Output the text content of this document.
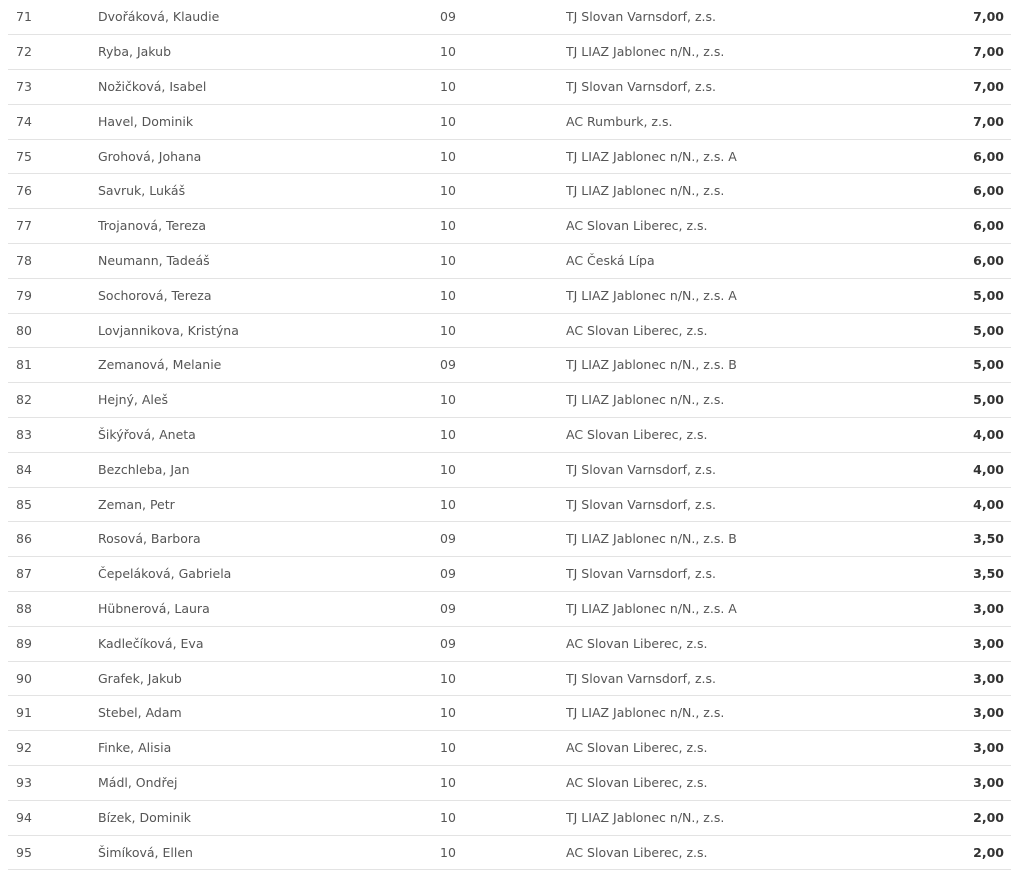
71	Dvořáková, Klaudie	09	TJ Slovan Varnsdorf, z.s.	7,00
72	Ryba, Jakub	10	TJ LIAZ Jablonec n/N., z.s.	7,00
73	Nožičková, Isabel	10	TJ Slovan Varnsdorf, z.s.	7,00
74	Havel, Dominik	10	AC Rumburk, z.s.	7,00
75	Grohová, Johana	10	TJ LIAZ Jablonec n/N., z.s. A	6,00
76	Savruk, Lukáš	10	TJ LIAZ Jablonec n/N., z.s.	6,00
77	Trojanová, Tereza	10	AC Slovan Liberec, z.s.	6,00
78	Neumann, Tadeáš	10	AC Česká Lípa	6,00
79	Sochorová, Tereza	10	TJ LIAZ Jablonec n/N., z.s. A	5,00
80	Lovjannikova, Kristýna	10	AC Slovan Liberec, z.s.	5,00
81	Zemanová, Melanie	09	TJ LIAZ Jablonec n/N., z.s. B	5,00
82	Hejný, Aleš	10	TJ LIAZ Jablonec n/N., z.s.	5,00
83	Šikýřová, Aneta	10	AC Slovan Liberec, z.s.	4,00
84	Bezchleba, Jan	10	TJ Slovan Varnsdorf, z.s.	4,00
85	Zeman, Petr	10	TJ Slovan Varnsdorf, z.s.	4,00
86	Rosová, Barbora	09	TJ LIAZ Jablonec n/N., z.s. B	3,50
87	Čepeláková, Gabriela	09	TJ Slovan Varnsdorf, z.s.	3,50
88	Hübnerová, Laura	09	TJ LIAZ Jablonec n/N., z.s. A	3,00
89	Kadlečíková, Eva	09	AC Slovan Liberec, z.s.	3,00
90	Grafek, Jakub	10	TJ Slovan Varnsdorf, z.s.	3,00
91	Stebel, Adam	10	TJ LIAZ Jablonec n/N., z.s.	3,00
92	Finke, Alisia	10	AC Slovan Liberec, z.s.	3,00
93	Mádl, Ondřej	10	AC Slovan Liberec, z.s.	3,00
94	Bízek, Dominik	10	TJ LIAZ Jablonec n/N., z.s.	2,00
95	Šimíková, Ellen	10	AC Slovan Liberec, z.s.	2,00
